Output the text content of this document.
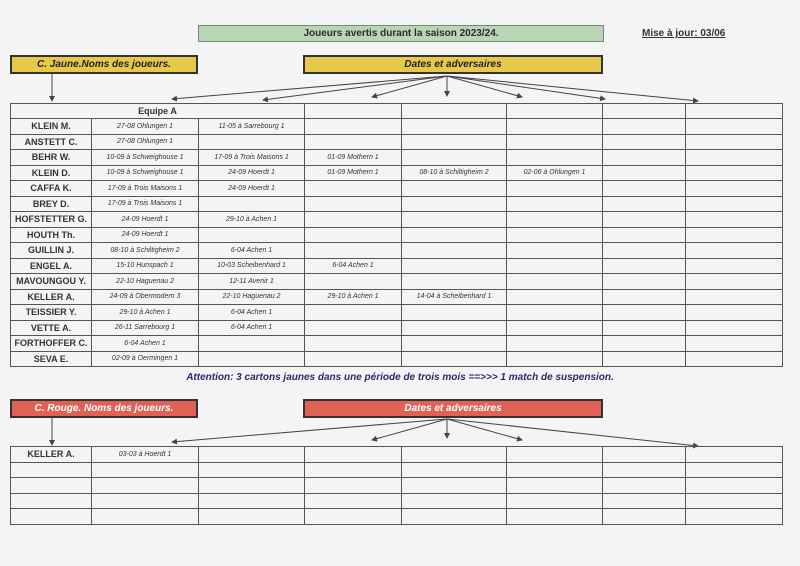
Joueurs avertis durant la saison 2023/24.	Mise à jour: 03/06
C. Jaune.Noms des joueurs.	Dates et adversaires
C. Rouge. Noms des joueurs.	Dates et adversaires
Equipe A							
KLEIN M.	27-08 Ohlungen 1	11-05 à Sarrebourg 1					
ANSTETT C.	27-08 Ohlungen 1						
BEHR W.	10-09 à Schweighouse 1	17-09 à Trois Maisons 1	01-09 Mothern 1				
KLEIN D.	10-09 à Schweighouse 1	24-09 Hoerdt 1	01-09 Mothern 1	08-10 à Schiltigheim 2	02-06 à Ohlungen 1		
CAFFA K.	17-09 à Trois Maisons 1	24-09 Hoerdt 1					
BREY D.	17-09 à Trois Maisons 1						
HOFSTETTER G.	24-09 Hoerdt 1	29-10 à Achen 1					
HOUTH Th.	24-09 Hoerdt 1						
GUILLIN J.	08-10 à Schiltigheim 2	6-04 Achen 1					
ENGEL A.	15-10 Hunspach 1	10-03 Scheibenhard 1	6-04 Achen 1				
MAVOUNGOU Y.	22-10 Haguenau 2	12-11 Avenir 1					
KELLER A.	24-09 à Obermodern 3	22-10 Haguenau 2	29-10 à Achen 1	14-04 à Scheibenhard 1			
TEISSIER Y.	29-10 à Achen 1	6-04 Achen 1					
VETTE A.	26-11 Sarrebourg 1	6-04 Achen 1					
FORTHOFFER C.	6-04 Achen 1						
SEVA E.	02-09 à Oermingen 1						
Attention: 3 cartons jaunes dans une période de trois mois ==>>> 1 match de suspension.
KELLER A.	03-03 à Hoerdt 1						
